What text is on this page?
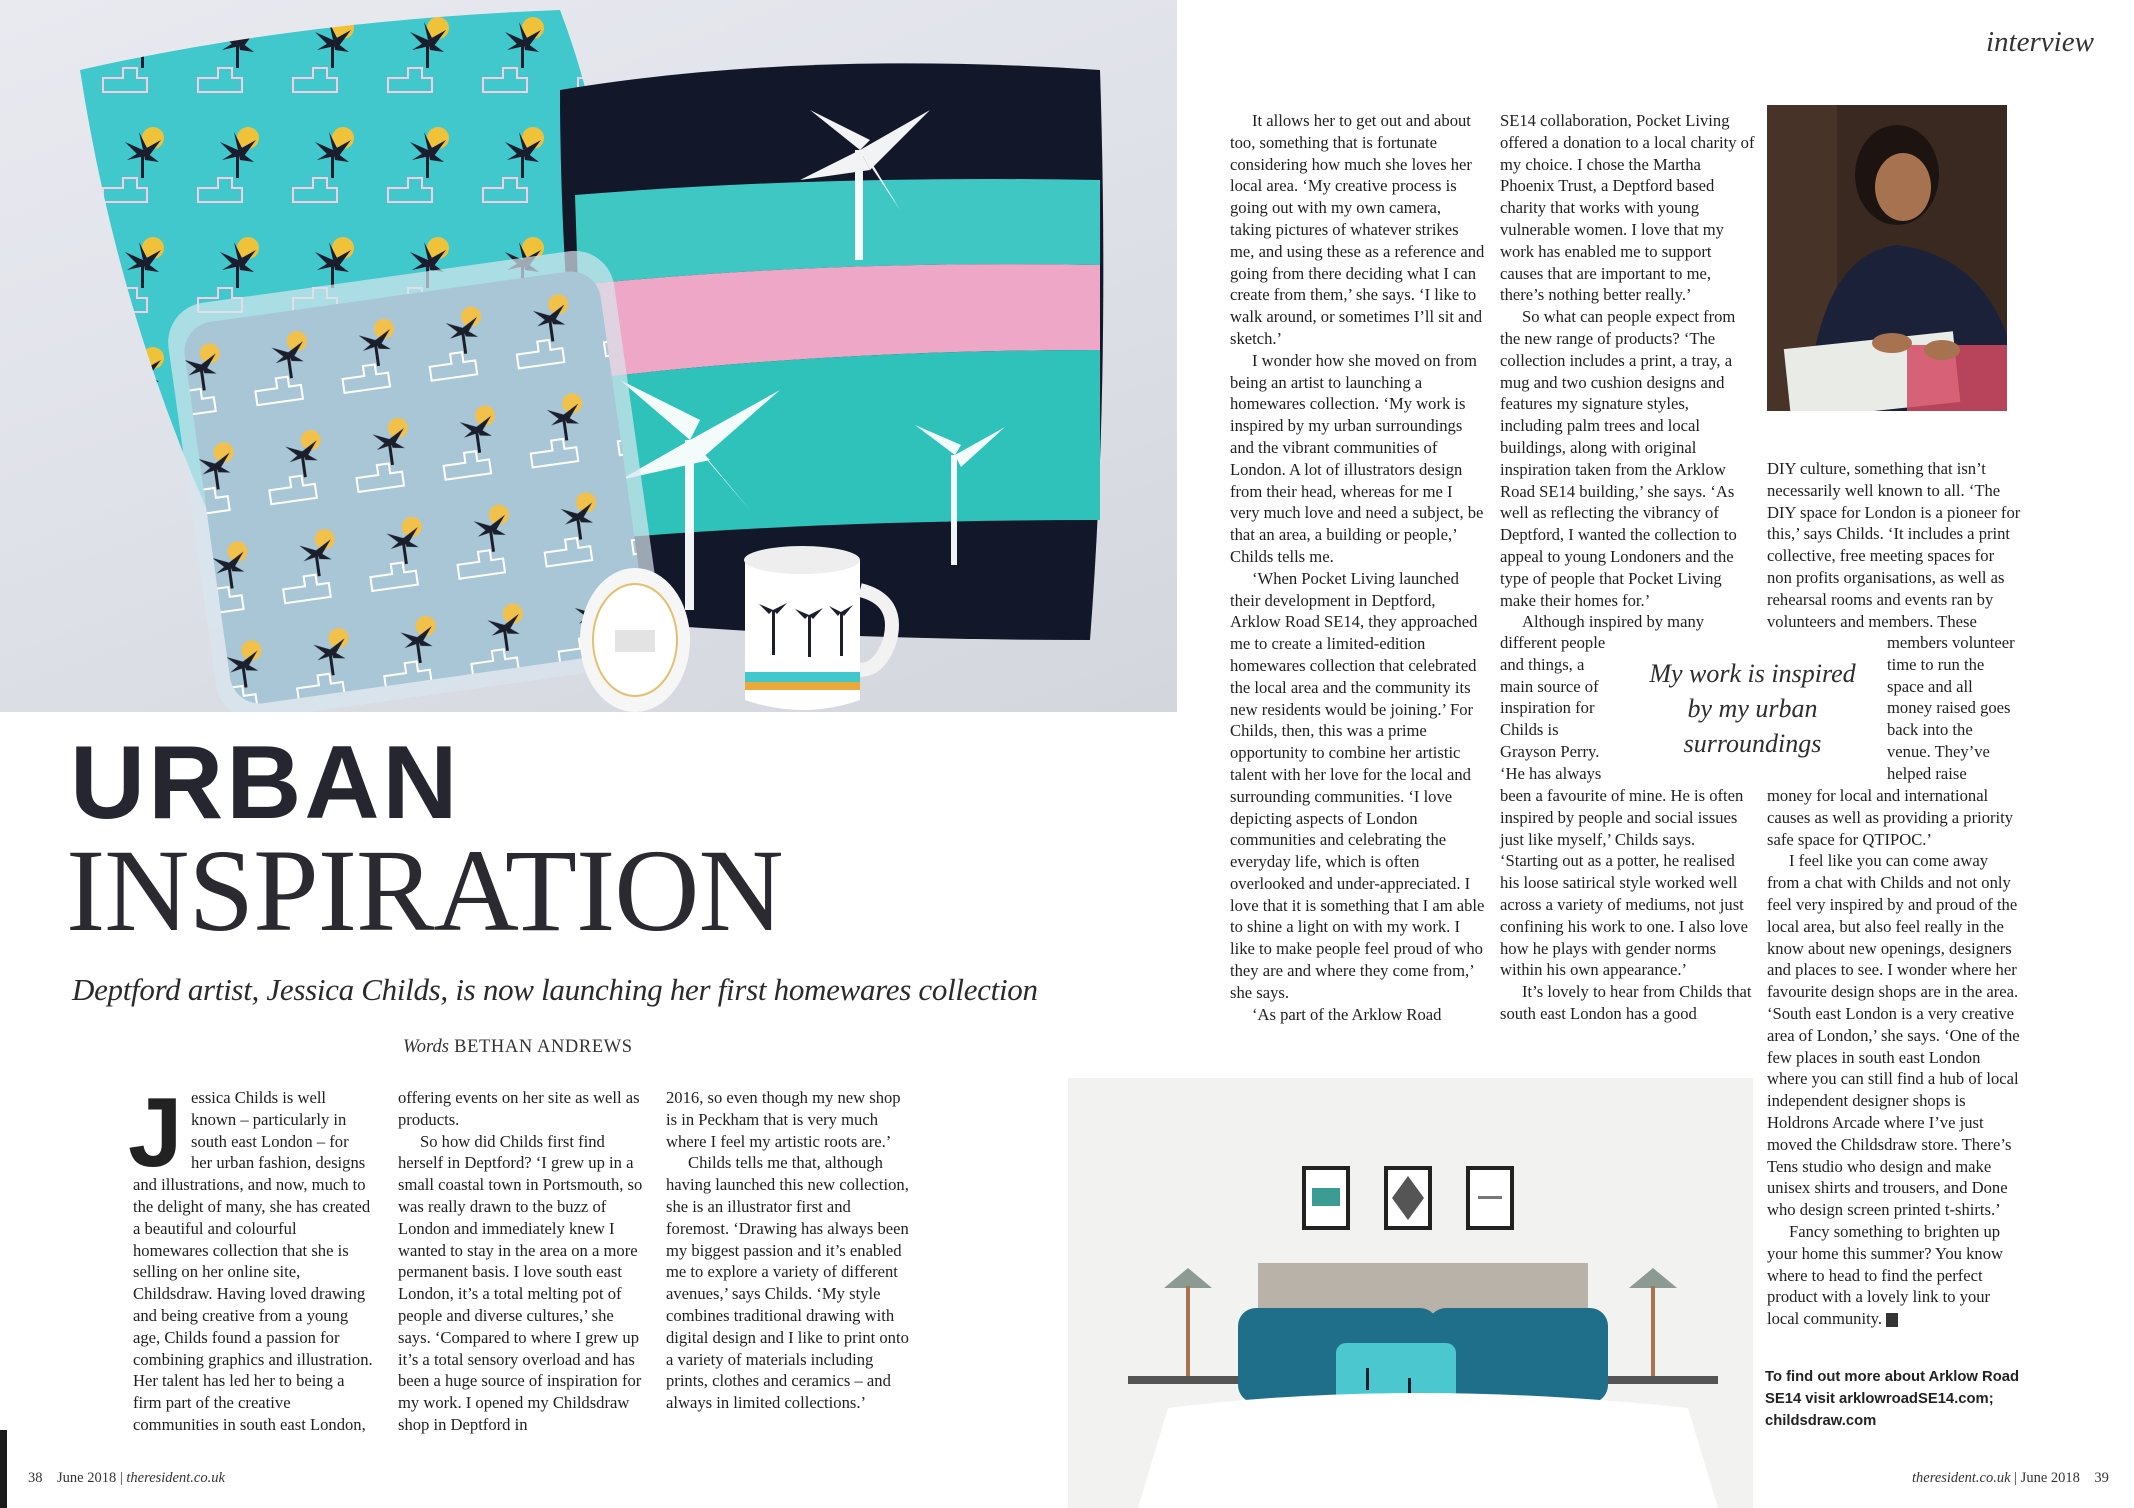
interview
URBAN
INSPIRATION
Deptford artist, Jessica Childs, is now launching her first homewares collection
Words BETHAN ANDREWS
J essica Childs is well

known – particularly in

south east London – for

her urban fashion, designs

and illustrations, and now, much to the delight of many, she has created a beautiful and colourful homewares collection that she is selling on her online site, Childsdraw. Having loved drawing and being creative from a young age, Childs found a passion for combining graphics and illustration. Her talent has led her to being a firm part of the creative communities in south east London,

offering events on her site as well as products.

So how did Childs first find herself in Deptford? ‘I grew up in a small coastal town in Portsmouth, so was really drawn to the buzz of London and immediately knew I wanted to stay in the area on a more permanent basis. I love south east London, it’s a total melting pot of people and diverse cultures,’ she says. ‘Compared to where I grew up it’s a total sensory overload and has been a huge source of inspiration for my work. I opened my Childsdraw shop in Deptford in

2016, so even though my new shop is in Peckham that is very much where I feel my artistic roots are.’

Childs tells me that, although having launched this new collection, she is an illustrator first and foremost. ‘Drawing has always been my biggest passion and it’s enabled me to explore a variety of different avenues,’ says Childs. ‘My style combines traditional drawing with digital design and I like to print onto a variety of materials including prints, clothes and ceramics – and always in limited collections.’

It allows her to get out and about too, something that is fortunate considering how much she loves her local area. ‘My creative process is going out with my own camera, taking pictures of whatever strikes me, and using these as a reference and going from there deciding what I can create from them,’ she says. ‘I like to walk around, or sometimes I’ll sit and sketch.’

I wonder how she moved on from being an artist to launching a homewares collection. ‘My work is inspired by my urban surroundings and the vibrant communities of London. A lot of illustrators design from their head, whereas for me I very much love and need a subject, be that an area, a building or people,’ Childs tells me.

‘When Pocket Living launched their development in Deptford, Arklow Road SE14, they approached me to create a limited-edition homewares collection that celebrated the local area and the community its new residents would be joining.’ For Childs, then, this was a prime opportunity to combine her artistic talent with her love for the local and surrounding communities. ‘I love depicting aspects of London communities and celebrating the everyday life, which is often overlooked and under-appreciated. I love that it is something that I am able to shine a light on with my work. I like to make people feel proud of who they are and where they come from,’ she says.

‘As part of the Arklow Road

SE14 collaboration, Pocket Living offered a donation to a local charity of my choice. I chose the Martha Phoenix Trust, a Deptford based charity that works with young vulnerable women. I love that my work has enabled me to support causes that are important to me, there’s nothing better really.’

So what can people expect from the new range of products? ‘The collection includes a print, a tray, a mug and two cushion designs and features my signature styles, including palm trees and local buildings, along with original inspiration taken from the Arklow Road SE14 building,’ she says. ‘As well as reflecting the vibrancy of Deptford, I wanted the collection to appeal to young Londoners and the type of people that Pocket Living make their homes for.’

Although inspired by many

different people

and things, a

main source of

inspiration for

Childs is

Grayson Perry.

‘He has always

been a favourite of mine. He is often inspired by people and social issues just like myself,’ Childs says. ‘Starting out as a potter, he realised his loose satirical style worked well across a variety of mediums, not just confining his work to one. I also love how he plays with gender norms within his own appearance.’

It’s lovely to hear from Childs that south east London has a good

My work is inspired by my urban surroundings

DIY culture, something that isn’t necessarily well known to all. ‘The DIY space for London is a pioneer for this,’ says Childs. ‘It includes a print collective, free meeting spaces for non profits organisations, as well as rehearsal rooms and events ran by volunteers and members. These

members volunteer

time to run the

space and all

money raised goes

back into the

venue. They’ve

helped raise

money for local and international causes as well as providing a priority safe space for QTIPOC.’

I feel like you can come away from a chat with Childs and not only feel very inspired by and proud of the local area, but also feel really in the know about new openings, designers and places to see. I wonder where her favourite design shops are in the area. ‘South east London is a very creative area of London,’ she says. ‘One of the few places in south east London where you can still find a hub of local independent designer shops is Holdrons Arcade where I’ve just moved the Childsdraw store. There’s Tens studio who design and make unisex shirts and trousers, and Done who design screen printed t-shirts.’

Fancy something to brighten up your home this summer? You know where to head to find the perfect product with a lovely link to your local community.	r

To find out more about Arklow Road SE14 visit arklowroadSE14.com; childsdraw.com
38 June 2018 | theresident.co.uk	theresident.co.uk | June 2018 39
